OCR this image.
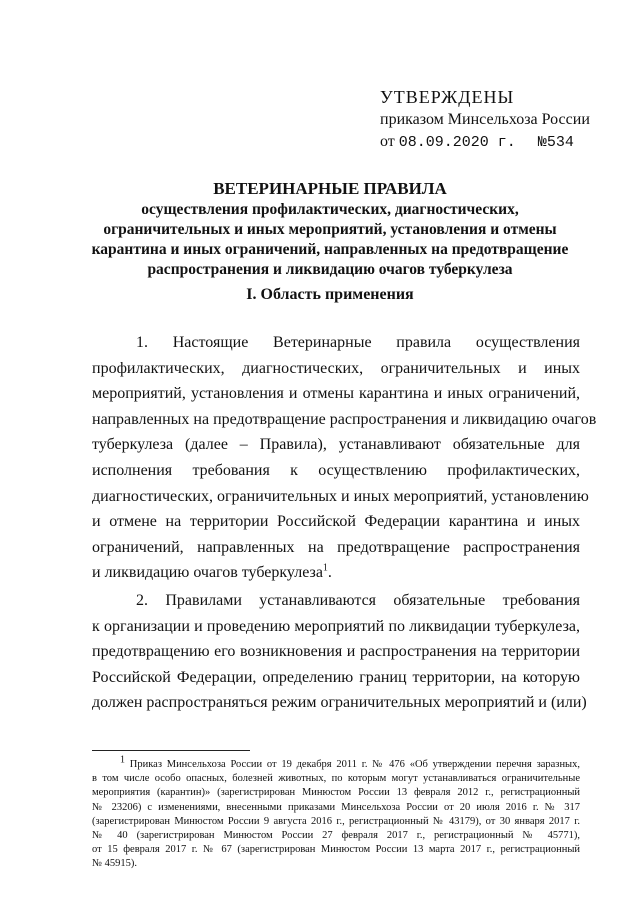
УТВЕРЖДЕНЫ
приказом Минсельхоза России
от 08.09.2020 г. №534
ВЕТЕРИНАРНЫЕ ПРАВИЛА
осуществления профилактических, диагностических,
ограничительных и иных мероприятий, установления и отмены
карантина и иных ограничений, направленных на предотвращение
распространения и ликвидацию очагов туберкулеза
I. Область применения
1. Настоящие Ветеринарные правила осуществления
профилактических, диагностических, ограничительных и иных
мероприятий, установления и отмены карантина и иных ограничений,
направленных на предотвращение распространения и ликвидацию очагов
туберкулеза (далее – Правила), устанавливают обязательные для
исполнения требования к осуществлению профилактических,
диагностических, ограничительных и иных мероприятий, установлению
и отмене на территории Российской Федерации карантина и иных
ограничений, направленных на предотвращение распространения
и ликвидацию очагов туберкулеза$^1$.
2. Правилами устанавливаются обязательные требования
к организации и проведению мероприятий по ликвидации туберкулеза,
предотвращению его возникновения и распространения на территории
Российской Федерации, определению границ территории, на которую
должен распространяться режим ограничительных мероприятий и (или)
$^1$ Приказ Минсельхоза России от 19 декабря 2011 г. № 476 «Об утверждении перечня заразных,
в том числе особо опасных, болезней животных, по которым могут устанавливаться ограничительные
мероприятия (карантин)» (зарегистрирован Минюстом России 13 февраля 2012 г., регистрационный
№ 23206) с изменениями, внесенными приказами Минсельхоза России от 20 июля 2016 г. № 317
(зарегистрирован Минюстом России 9 августа 2016 г., регистрационный № 43179), от 30 января 2017 г.
№ 40 (зарегистрирован Минюстом России 27 февраля 2017 г., регистрационный № 45771),
от 15 февраля 2017 г. № 67 (зарегистрирован Минюстом России 13 марта 2017 г., регистрационный
№ 45915).
